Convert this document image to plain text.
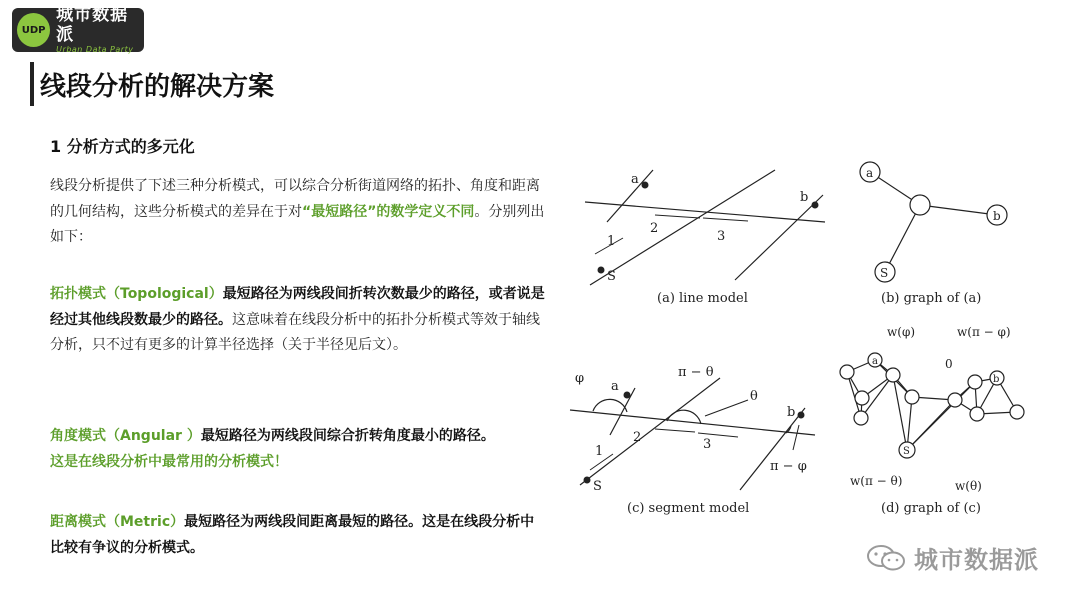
UDP
城市数据派
Urban Data Party
线段分析的解决方案
1 分析方式的多元化
线段分析提供了下述三种分析模式，可以综合分析街道网络的拓扑、角度和距离的几何结构，这些分析模式的差异在于对“最短路径”的数学定义不同。分别列出如下：
拓扑模式（Topological）最短路径为两线段间折转次数最少的路径，或者说是经过其他线段数最少的路径。这意味着在线段分析中的拓扑分析模式等效于轴线分析，只不过有更多的计算半径选择（关于半径见后文）。
角度模式（Angular ）最短路径为两线段间综合折转角度最小的路径。
这是在线段分析中最常用的分析模式！
距离模式（Metric）最短路径为两线段间距离最短的路径。这是在线段分析中比较有争议的分析模式。
a
b
S
1
2
3
a
b
S
φ
a
π − θ
θ
b
1
2	3
S
π − φ
a
b
S
w(φ)	w(π − φ)
0
w(π − θ)	w(θ)
(a) line model	(b) graph of (a)
(c) segment model	(d) graph of (c)
城市数据派
